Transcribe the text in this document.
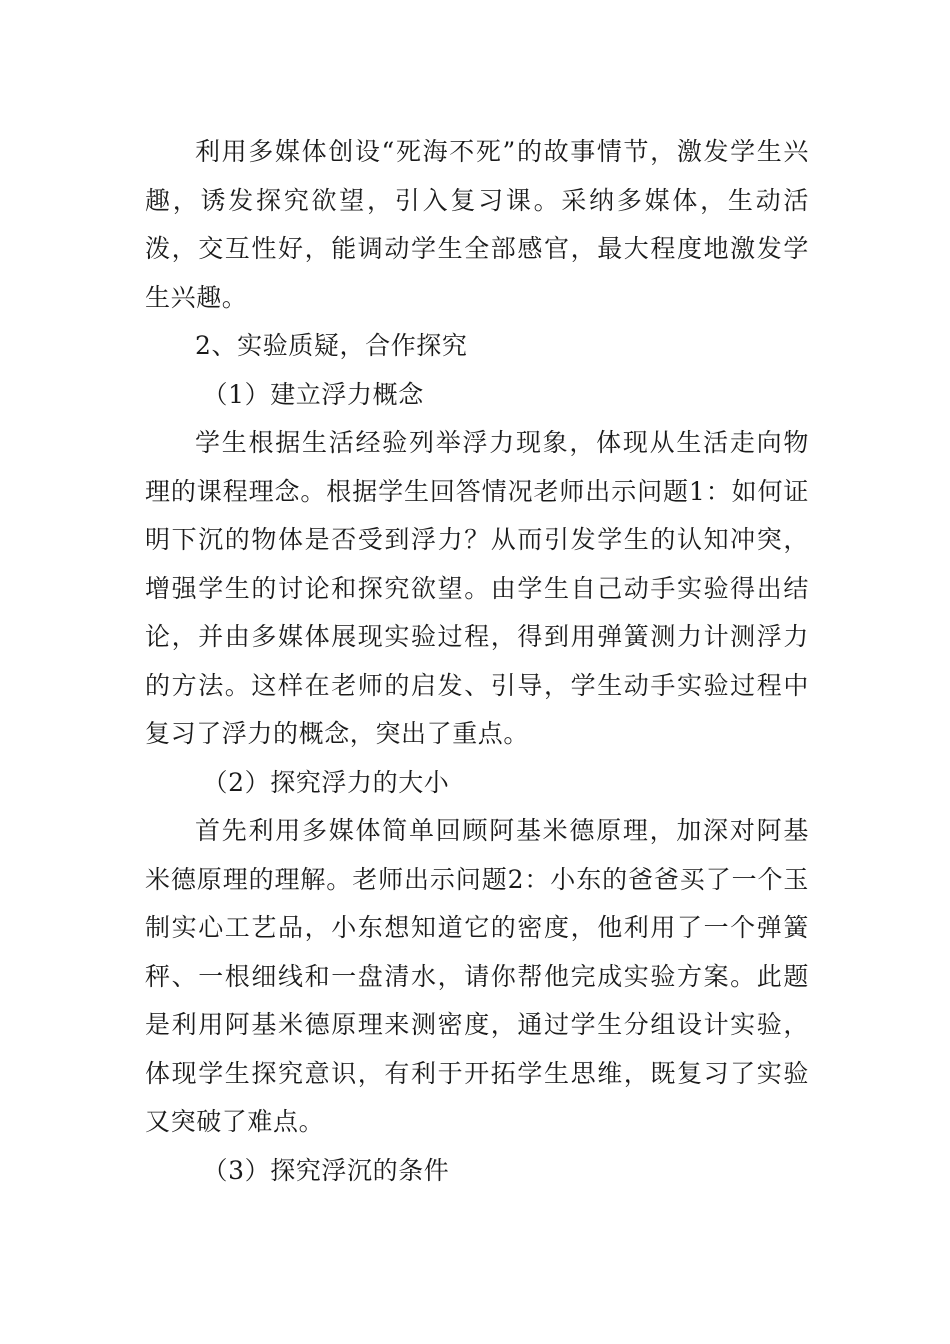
利用多媒体创设“死海不死”的故事情节，激发学生兴趣，诱发探究欲望，引入复习课。采纳多媒体，生动活泼，交互性好，能调动学生全部感官，最大程度地激发学生兴趣。

2、实验质疑，合作探究

（1）建立浮力概念

学生根据生活经验列举浮力现象，体现从生活走向物理的课程理念。根据学生回答情况老师出示问题1：如何证明下沉的物体是否受到浮力？从而引发学生的认知冲突，增强学生的讨论和探究欲望。由学生自己动手实验得出结论，并由多媒体展现实验过程，得到用弹簧测力计测浮力的方法。这样在老师的启发、引导，学生动手实验过程中复习了浮力的概念，突出了重点。

（2）探究浮力的大小

首先利用多媒体简单回顾阿基米德原理，加深对阿基米德原理的理解。老师出示问题2：小东的爸爸买了一个玉制实心工艺品，小东想知道它的密度，他利用了一个弹簧秤、一根细线和一盘清水，请你帮他完成实验方案。此题是利用阿基米德原理来测密度，通过学生分组设计实验，体现学生探究意识，有利于开拓学生思维，既复习了实验又突破了难点。

（3）探究浮沉的条件
